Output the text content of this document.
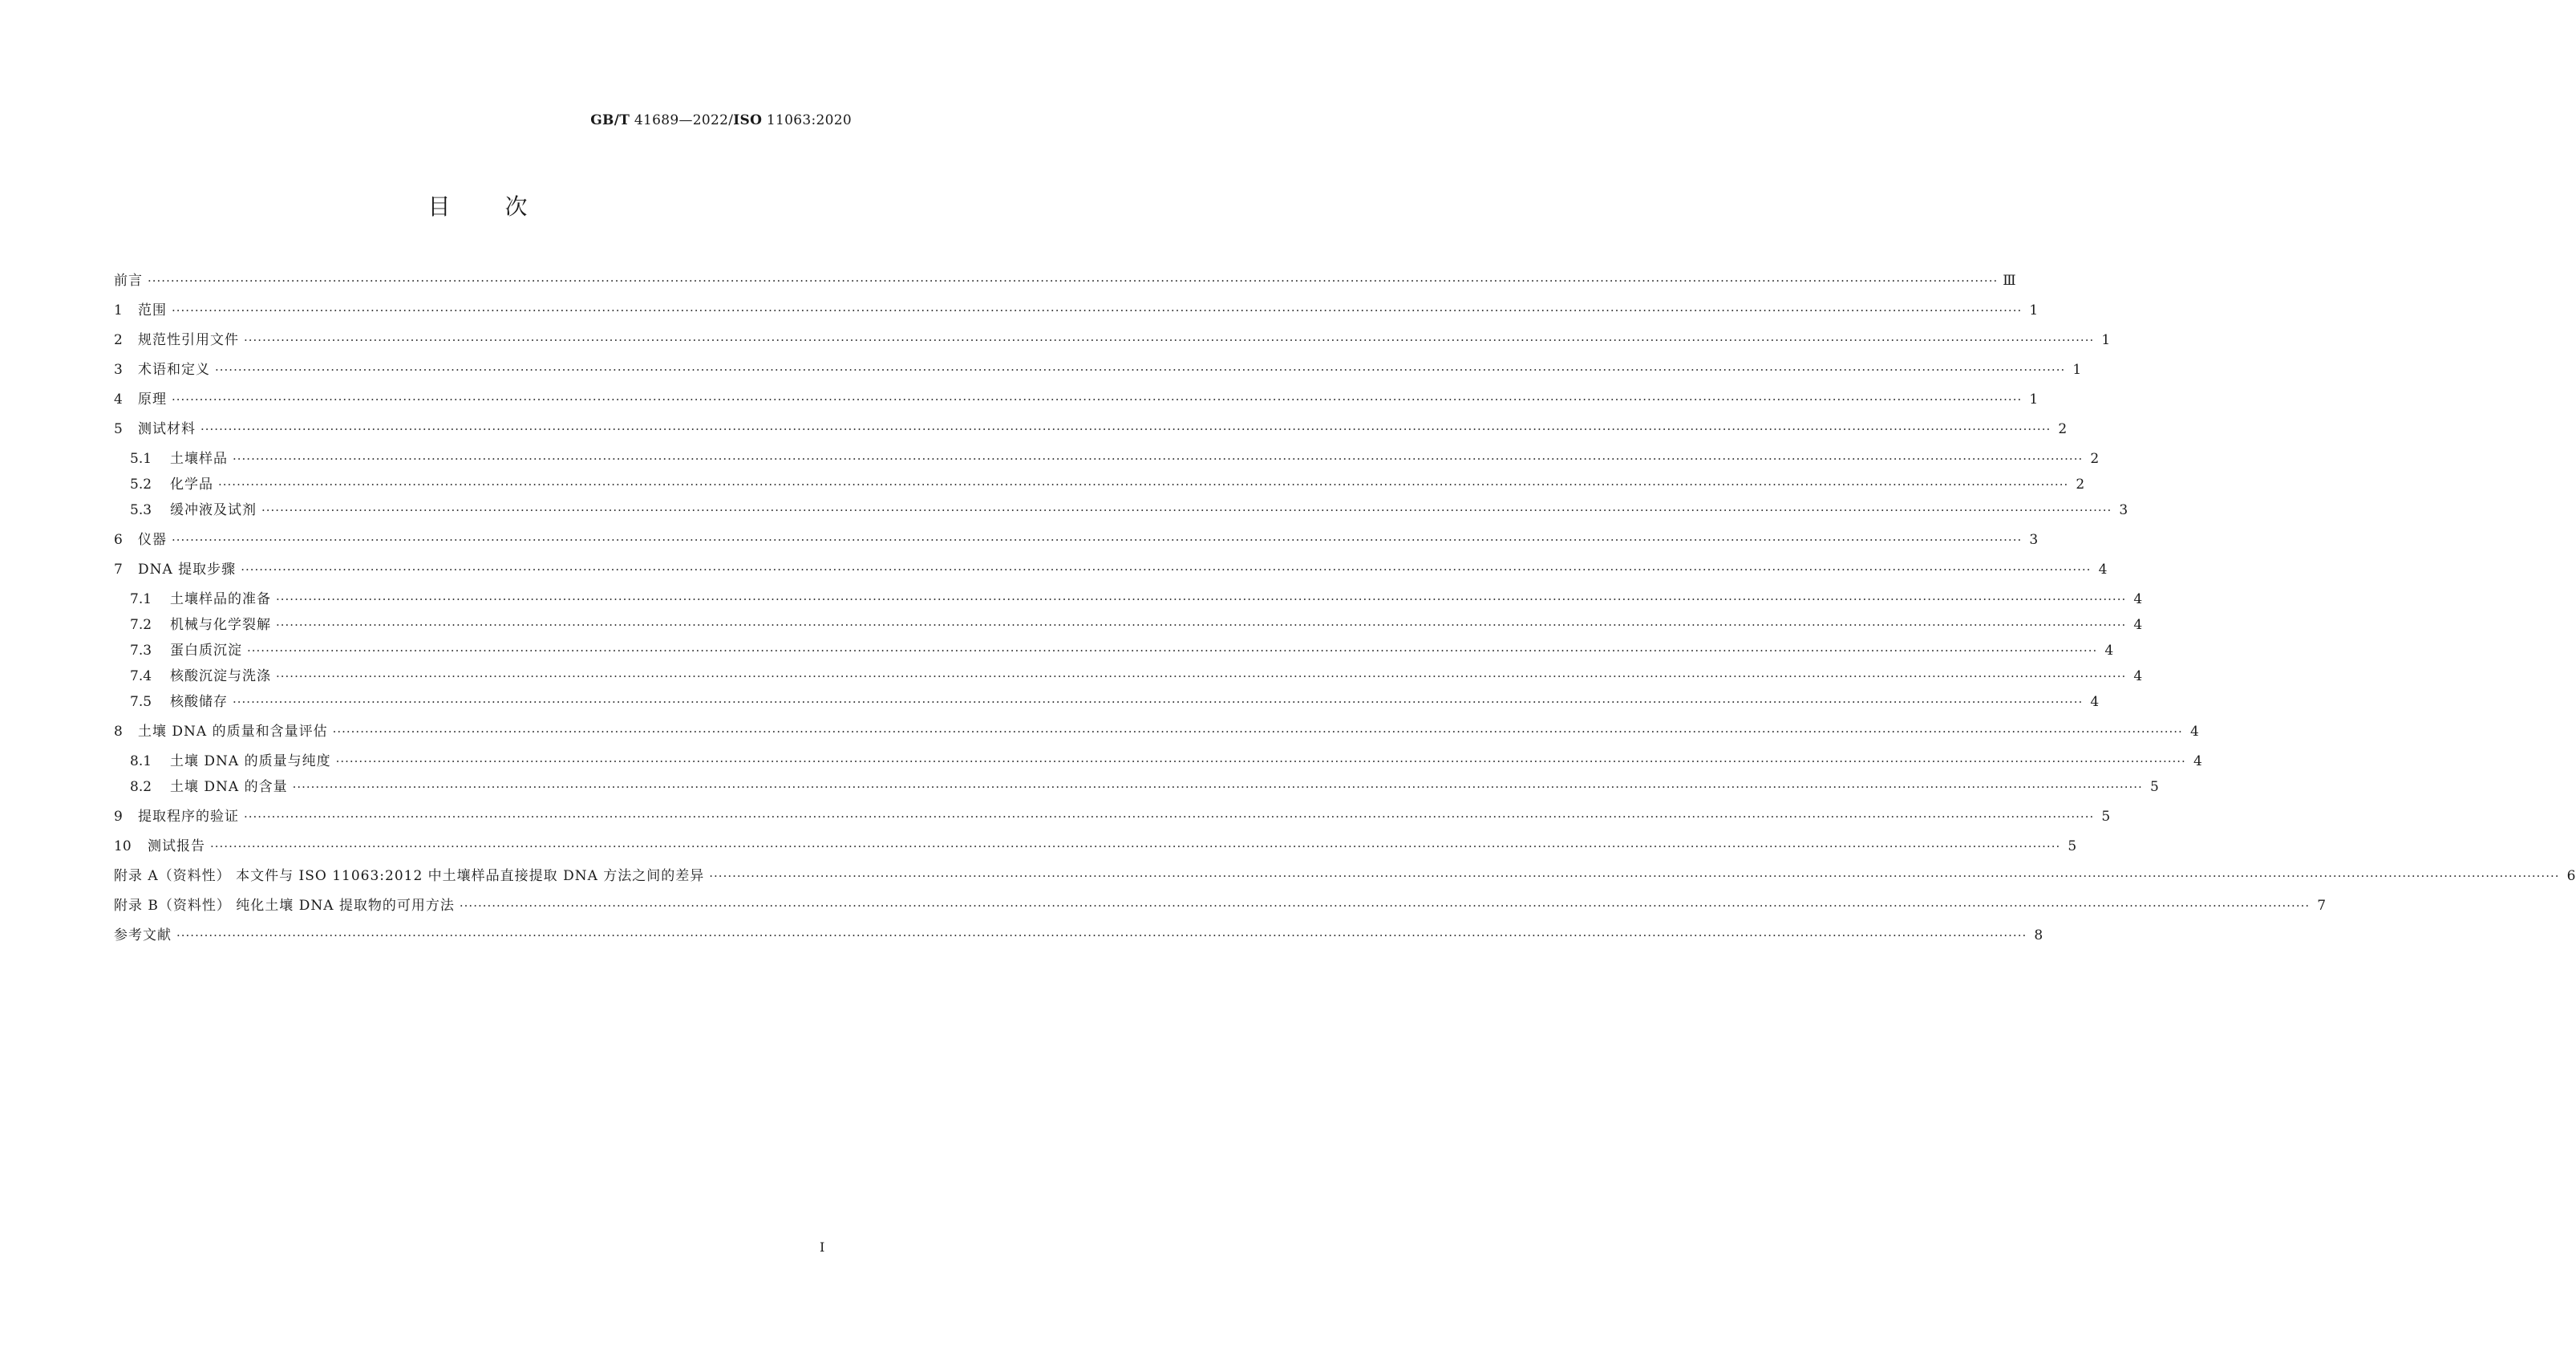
GB/T 41689—2022/ISO 11063:2020

目次
前言 ················································································································································································································································································································································································································ Ⅲ
1	范围 ················································································································································································································································································································································································································ 1
2	规范性引用文件 ················································································································································································································································································································································································································ 1
3	术语和定义 ················································································································································································································································································································································································································ 1
4	原理 ················································································································································································································································································································································································································ 1
5	测试材料 ················································································································································································································································································································································································································ 2
5.1	土壤样品 ················································································································································································································································································································································································································ 2
5.2	化学品 ················································································································································································································································································································································································································ 2
5.3	缓冲液及试剂 ················································································································································································································································································································································································································ 3
6	仪器 ················································································································································································································································································································································································································ 3
7	DNA 提取步骤 ················································································································································································································································································································································································································ 4
7.1	土壤样品的准备 ················································································································································································································································································································································································································ 4
7.2	机械与化学裂解 ················································································································································································································································································································································································································ 4
7.3	蛋白质沉淀 ················································································································································································································································································································································································································ 4
7.4	核酸沉淀与洗涤 ················································································································································································································································································································································································································ 4
7.5	核酸储存 ················································································································································································································································································································································································································ 4
8	土壤 DNA 的质量和含量评估 ················································································································································································································································································································································································································ 4
8.1	土壤 DNA 的质量与纯度 ················································································································································································································································································································································································································ 4
8.2	土壤 DNA 的含量 ················································································································································································································································································································································································································ 5
9	提取程序的验证 ················································································································································································································································································································································································································ 5
10	测试报告 ················································································································································································································································································································································································································ 5
附录 A（资料性） 本文件与 ISO 11063:2012 中土壤样品直接提取 DNA 方法之间的差异 ················································································································································································································································································································································································································ 6
附录 B（资料性） 纯化土壤 DNA 提取物的可用方法 ················································································································································································································································································································································································································ 7
参考文献 ················································································································································································································································································································································································································ 8

I
